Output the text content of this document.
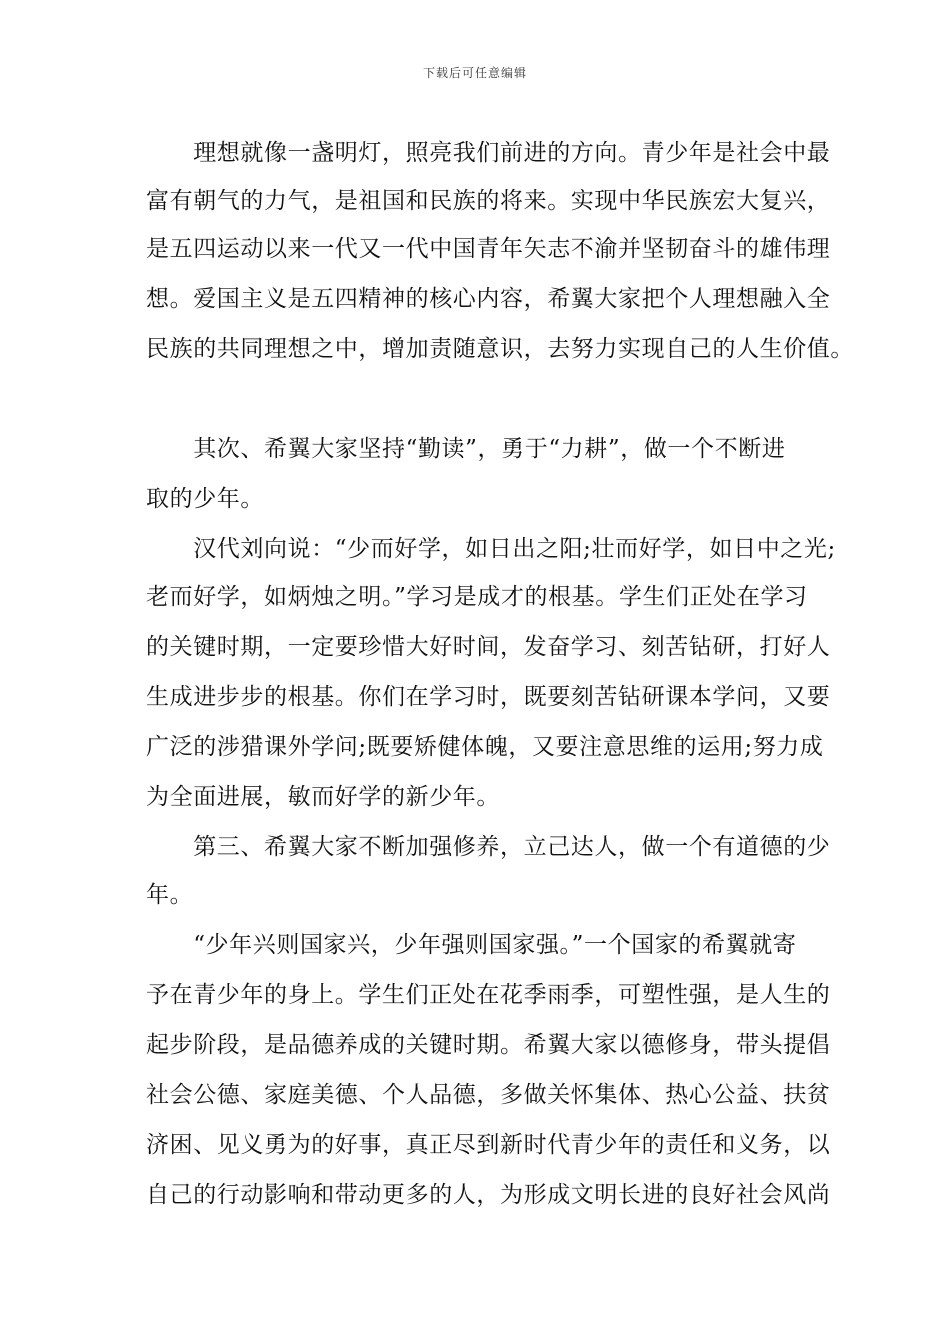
下载后可任意编辑
　　理想就像一盏明灯，照亮我们前进的方向。青少年是社会中最
富有朝气的力气，是祖国和民族的将来。实现中华民族宏大复兴，
是五四运动以来一代又一代中国青年矢志不渝并坚韧奋斗的雄伟理
想。爱国主义是五四精神的核心内容，希翼大家把个人理想融入全
民族的共同理想之中，增加责随意识，去努力实现自己的人生价值。
　　其次、希翼大家坚持“勤读”，勇于“力耕”，做一个不断进
取的少年。
　　汉代刘向说：“少而好学，如日出之阳;壮而好学，如日中之光;
老而好学，如炳烛之明。”学习是成才的根基。学生们正处在学习
的关键时期，一定要珍惜大好时间，发奋学习、刻苦钻研，打好人
生成进步步的根基。你们在学习时，既要刻苦钻研课本学问，又要
广泛的涉猎课外学问;既要矫健体魄，又要注意思维的运用;努力成
为全面进展，敏而好学的新少年。
　　第三、希翼大家不断加强修养，立己达人，做一个有道德的少
年。
　　“少年兴则国家兴，少年强则国家强。”一个国家的希翼就寄
予在青少年的身上。学生们正处在花季雨季，可塑性强，是人生的
起步阶段，是品德养成的关键时期。希翼大家以德修身，带头提倡
社会公德、家庭美德、个人品德，多做关怀集体、热心公益、扶贫
济困、见义勇为的好事，真正尽到新时代青少年的责任和义务，以
自己的行动影响和带动更多的人，为形成文明长进的良好社会风尚
